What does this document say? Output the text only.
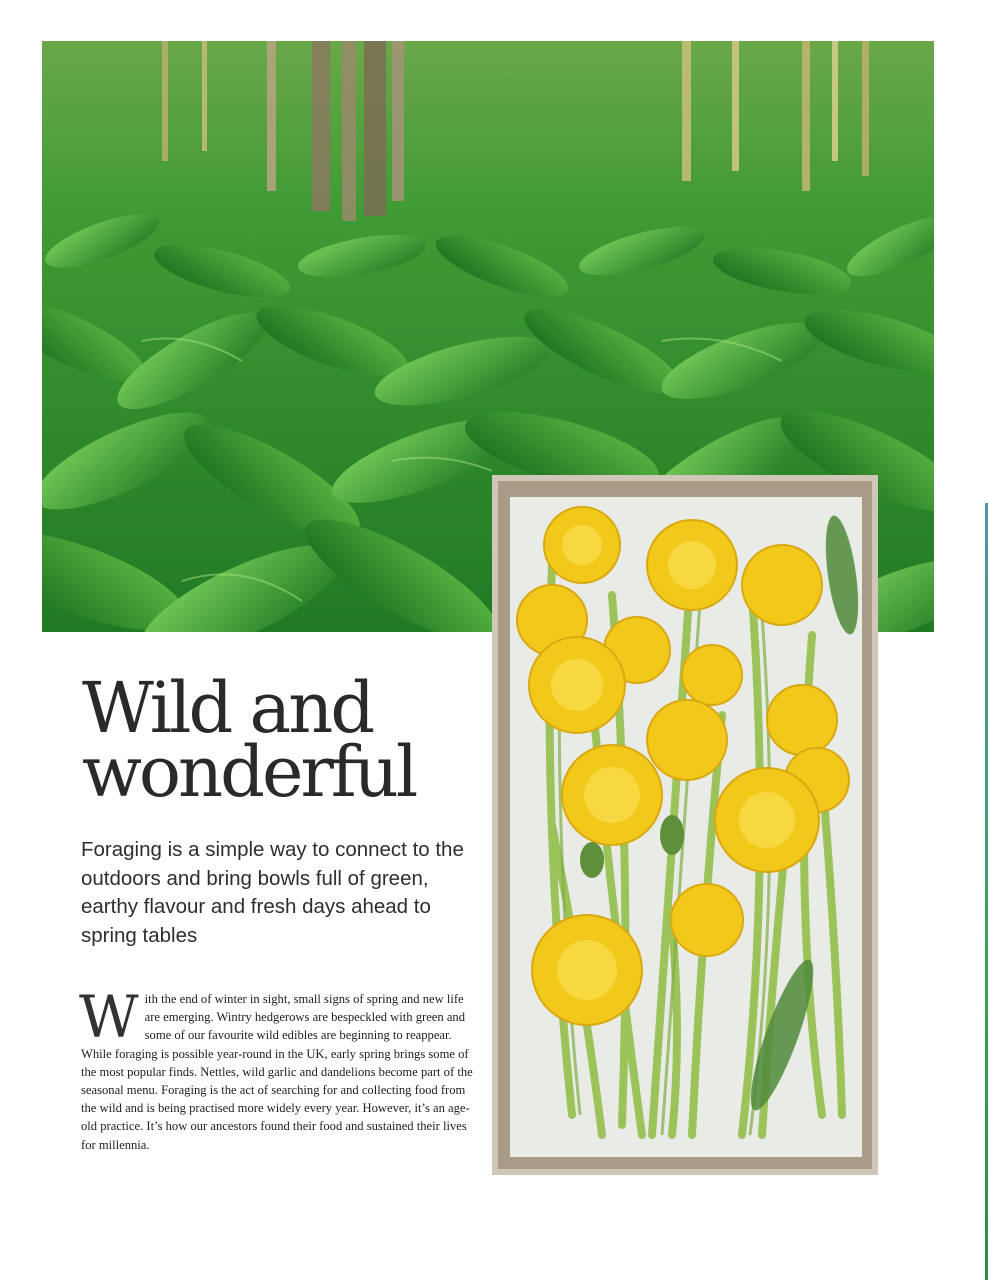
Wild and
wonderful

Foraging is a simple way to connect to the outdoors and bring bowls full of green, earthy flavour and fresh days ahead to spring tables

With the end of winter in sight, small signs of spring and new life are emerging. Wintry hedgerows are bespeckled with green and some of our favourite wild edibles are beginning to reappear. While foraging is possible year-round in the UK, early spring brings some of the most popular finds. Nettles, wild garlic and dandelions become part of the seasonal menu. Foraging is the act of searching for and collecting food from the wild and is being practised more widely every year. However, it’s an age-old practice. It’s how our ancestors found their food and sustained their lives for millennia.
